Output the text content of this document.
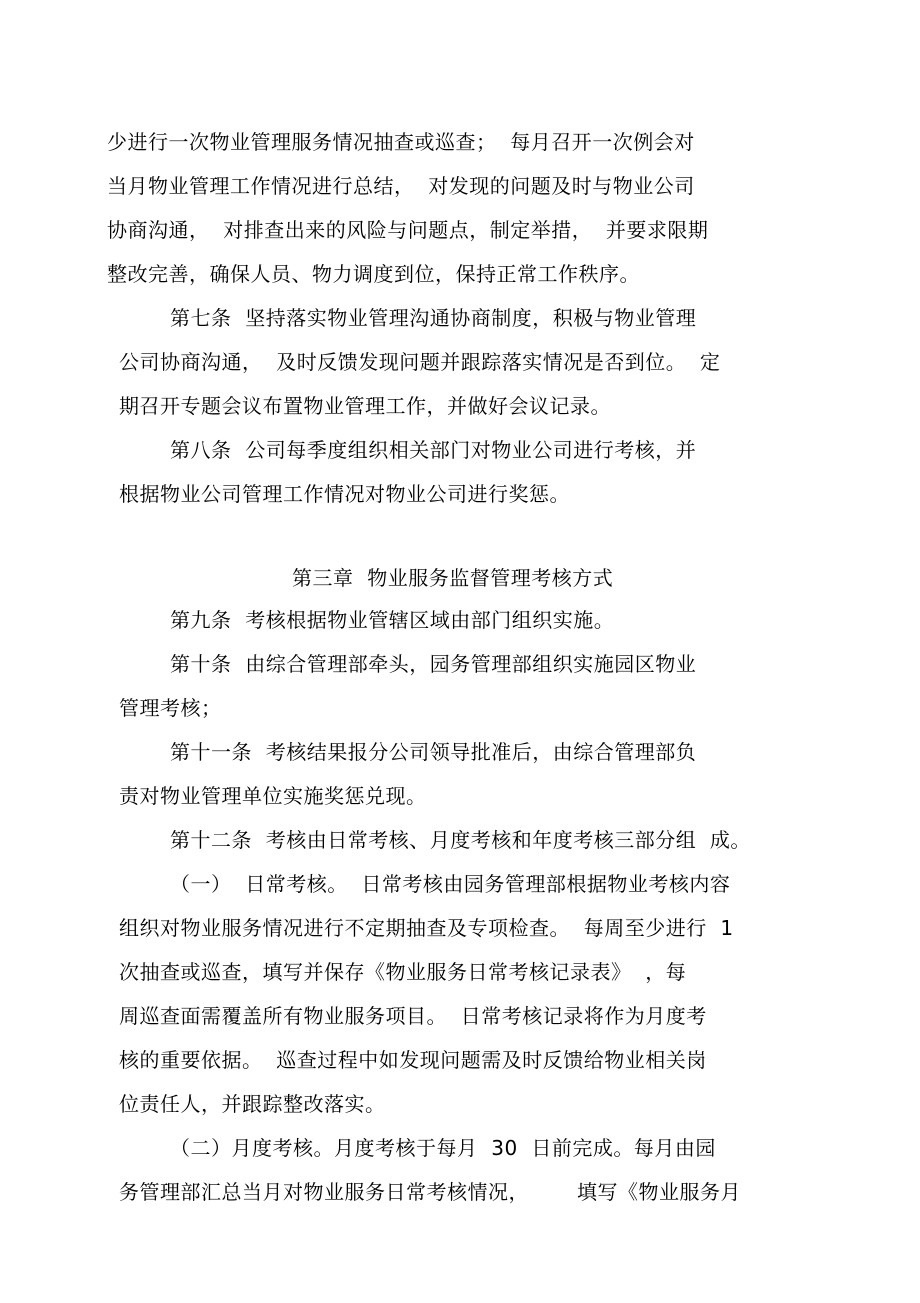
少进行一次物业管理服务情况抽查或巡查；  每月召开一次例会对
当月物业管理工作情况进行总结，  对发现的问题及时与物业公司
协商沟通，  对排查出来的风险与问题点，制定举措，  并要求限期
整改完善，确保人员、物力调度到位，保持正常工作秩序。
第七条  坚持落实物业管理沟通协商制度，积极与物业管理
公司协商沟通，  及时反馈发现问题并跟踪落实情况是否到位。  定
期召开专题会议布置物业管理工作，并做好会议记录。
第八条  公司每季度组织相关部门对物业公司进行考核，并
根据物业公司管理工作情况对物业公司进行奖惩。
第三章  物业服务监督管理考核方式
第九条  考核根据物业管辖区域由部门组织实施。
第十条  由综合管理部牵头，园务管理部组织实施园区物业
管理考核；
第十一条  考核结果报分公司领导批准后，由综合管理部负
责对物业管理单位实施奖惩兑现。
第十二条  考核由日常考核、月度考核和年度考核三部分组  成。
（一）  日常考核。  日常考核由园务管理部根据物业考核内容
组织对物业服务情况进行不定期抽查及专项检查。  每周至少进行  1
次抽查或巡查，填写并保存《物业服务日常考核记录表》  ，每
周巡查面需覆盖所有物业服务项目。  日常考核记录将作为月度考
核的重要依据。  巡查过程中如发现问题需及时反馈给物业相关岗
位责任人，并跟踪整改落实。
（二）月度考核。月度考核于每月  30  日前完成。每月由园
务管理部汇总当月对物业服务日常考核情况，       填写《物业服务月
